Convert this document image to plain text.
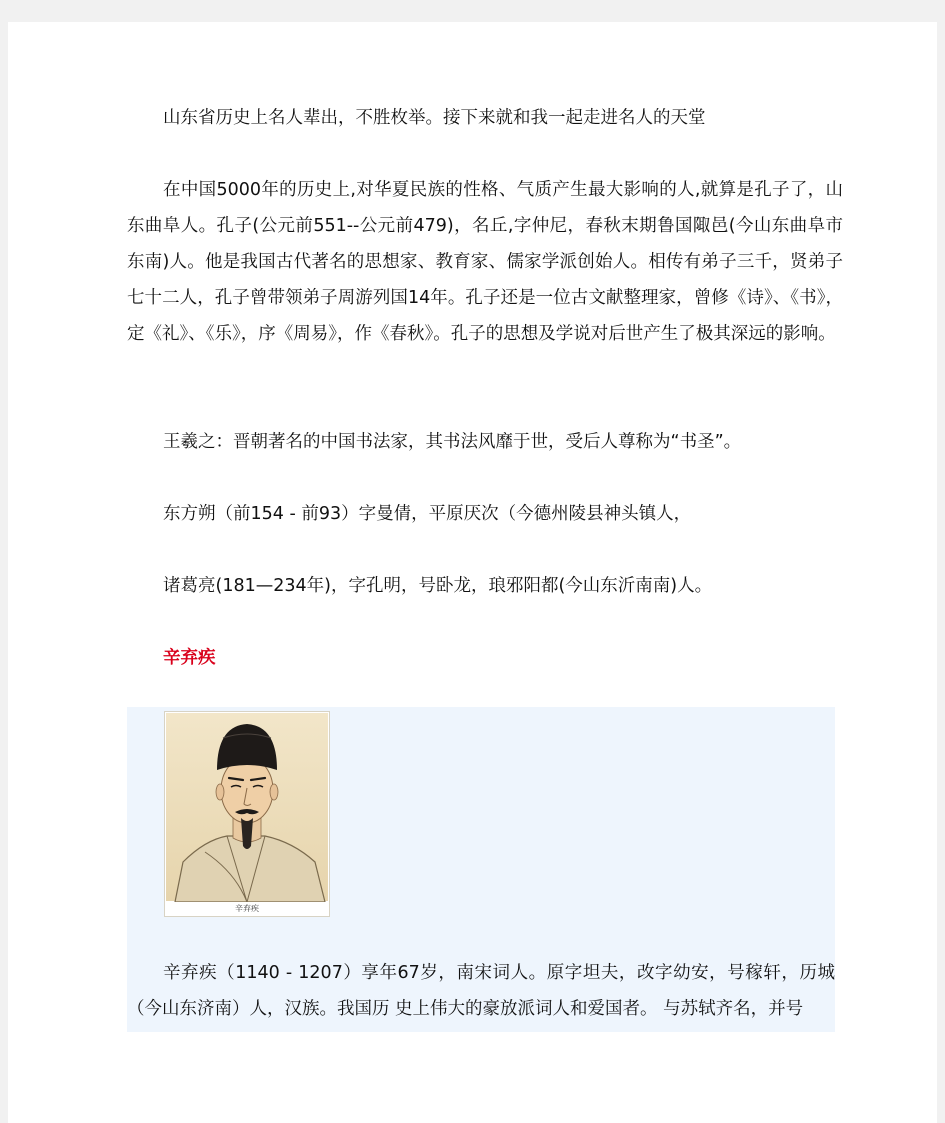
山东省历史上名人辈出，不胜枚举。接下来就和我一起走进名人的天堂

在中国5000年的历史上,对华夏民族的性格、气质产生最大影响的人,就算是孔子了，山东曲阜人。孔子(公元前551--公元前479)，名丘,字仲尼，春秋末期鲁国陬邑(今山东曲阜市东南)人。他是我国古代著名的思想家、教育家、儒家学派创始人。相传有弟子三千，贤弟子七十二人，孔子曾带领弟子周游列国14年。孔子还是一位古文献整理家，曾修《诗》、《书》，定《礼》、《乐》，序《周易》，作《春秋》。孔子的思想及学说对后世产生了极其深远的影响。

王羲之：晋朝著名的中国书法家，其书法风靡于世，受后人尊称为“书圣”。

东方朔（前154 - 前93）字曼倩，平原厌次（今德州陵县神头镇人，

诸葛亮(181—234年)，字孔明，号卧龙，琅邪阳都(今山东沂南南)人。

辛弃疾

辛弃疾

辛弃疾（1140 - 1207）享年67岁，南宋词人。原字坦夫，改字幼安，号稼轩，历城（今山东济南）人，汉族。我国历 史上伟大的豪放派词人和爱国者。 与苏轼齐名，并号
